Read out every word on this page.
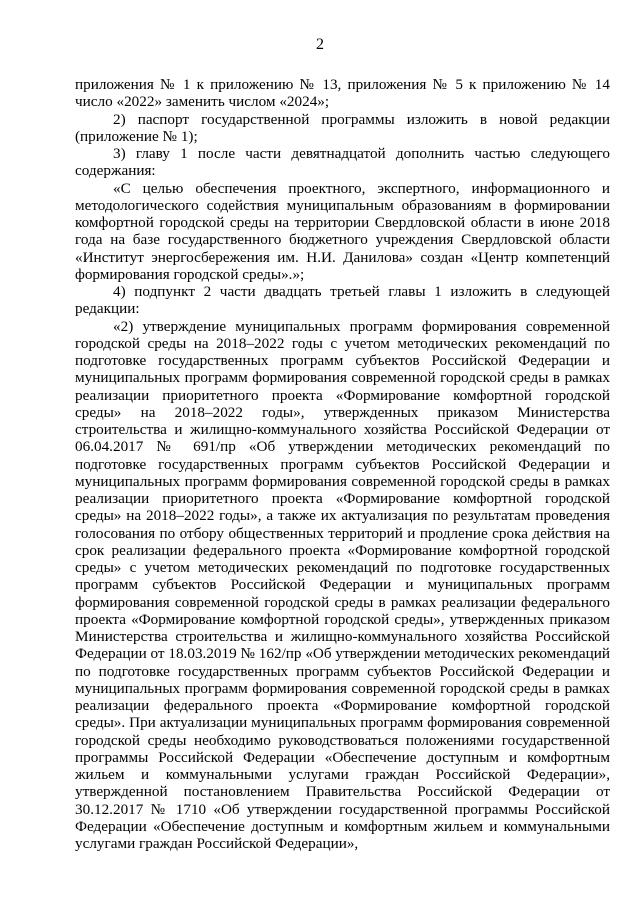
2

приложения № 1 к приложению № 13, приложения № 5 к приложению № 14 число «2022» заменить числом «2024»;

2) паспорт государственной программы изложить в новой редакции (приложение № 1);

3) главу 1 после части девятнадцатой дополнить частью следующего содержания:

«С целью обеспечения проектного, экспертного, информационного и методологического содействия муниципальным образованиям в формировании комфортной городской среды на территории Свердловской области в июне 2018 года на базе государственного бюджетного учреждения Свердловской области «Институт энергосбережения им. Н.И. Данилова» создан «Центр компетенций формирования городской среды».»;

4) подпункт 2 части двадцать третьей главы 1 изложить в следующей редакции:

«2) утверждение муниципальных программ формирования современной городской среды на 2018–2022 годы с учетом методических рекомендаций по подготовке государственных программ субъектов Российской Федерации и муниципальных программ формирования современной городской среды в рамках реализации приоритетного проекта «Формирование комфортной городской среды» на 2018–2022 годы», утвержденных приказом Министерства строительства и жилищно-коммунального хозяйства Российской Федерации от 06.04.2017 № 691/пр «Об утверждении методических рекомендаций по подготовке государственных программ субъектов Российской Федерации и муниципальных программ формирования современной городской среды в рамках реализации приоритетного проекта «Формирование комфортной городской среды» на 2018–2022 годы», а также их актуализация по результатам проведения голосования по отбору общественных территорий и продление срока действия на срок реализации федерального проекта «Формирование комфортной городской среды» с учетом методических рекомендаций по подготовке государственных программ субъектов Российской Федерации и муниципальных программ формирования современной городской среды в рамках реализации федерального проекта «Формирование комфортной городской среды», утвержденных приказом Министерства строительства и жилищно-коммунального хозяйства Российской Федерации от 18.03.2019 № 162/пр «Об утверждении методических рекомендаций по подготовке государственных программ субъектов Российской Федерации и муниципальных программ формирования современной городской среды в рамках реализации федерального проекта «Формирование комфортной городской среды». При актуализации муниципальных программ формирования современной городской среды необходимо руководствоваться положениями государственной программы Российской Федерации «Обеспечение доступным и комфортным жильем и коммунальными услугами граждан Российской Федерации», утвержденной постановлением Правительства Российской Федерации от 30.12.2017 № 1710 «Об утверждении государственной программы Российской Федерации «Обеспечение доступным и комфортным жильем и коммунальными услугами граждан Российской Федерации»,
